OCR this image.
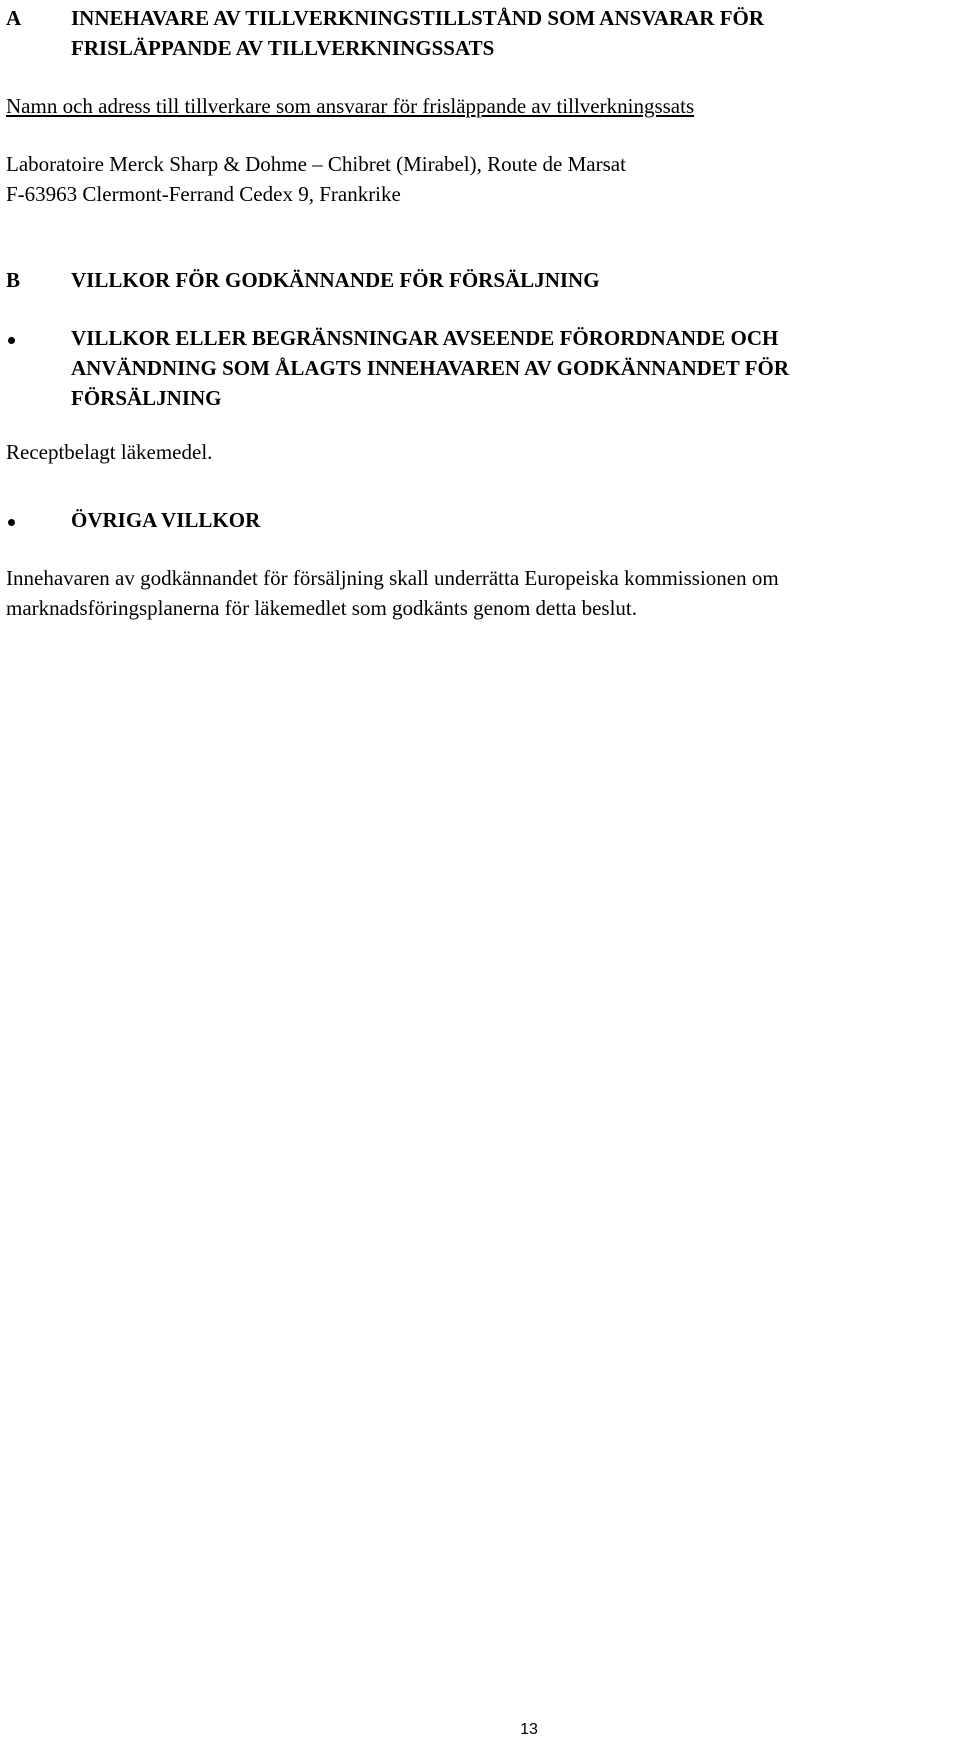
A INNEHAVARE AV TILLVERKNINGSTILLSTÅND SOM ANSVARAR FÖR
FRISLÄPPANDE AV TILLVERKNINGSSATS

Namn och adress till tillverkare som ansvarar för frisläppande av tillverkningssats

Laboratoire Merck Sharp & Dohme – Chibret (Mirabel), Route de Marsat

F-63963 Clermont-Ferrand Cedex 9, Frankrike

B VILLKOR FÖR GODKÄNNANDE FÖR FÖRSÄLJNING
VILLKOR ELLER BEGRÄNSNINGAR AVSEENDE FÖRORDNANDE OCH
ANVÄNDNING SOM ÅLAGTS INNEHAVAREN AV GODKÄNNANDET FÖR
FÖRSÄLJNING

Receptbelagt läkemedel.

ÖVRIGA VILLKOR

Innehavaren av godkännandet för försäljning skall underrätta Europeiska kommissionen om

marknadsföringsplanerna för läkemedlet som godkänts genom detta beslut.

13
